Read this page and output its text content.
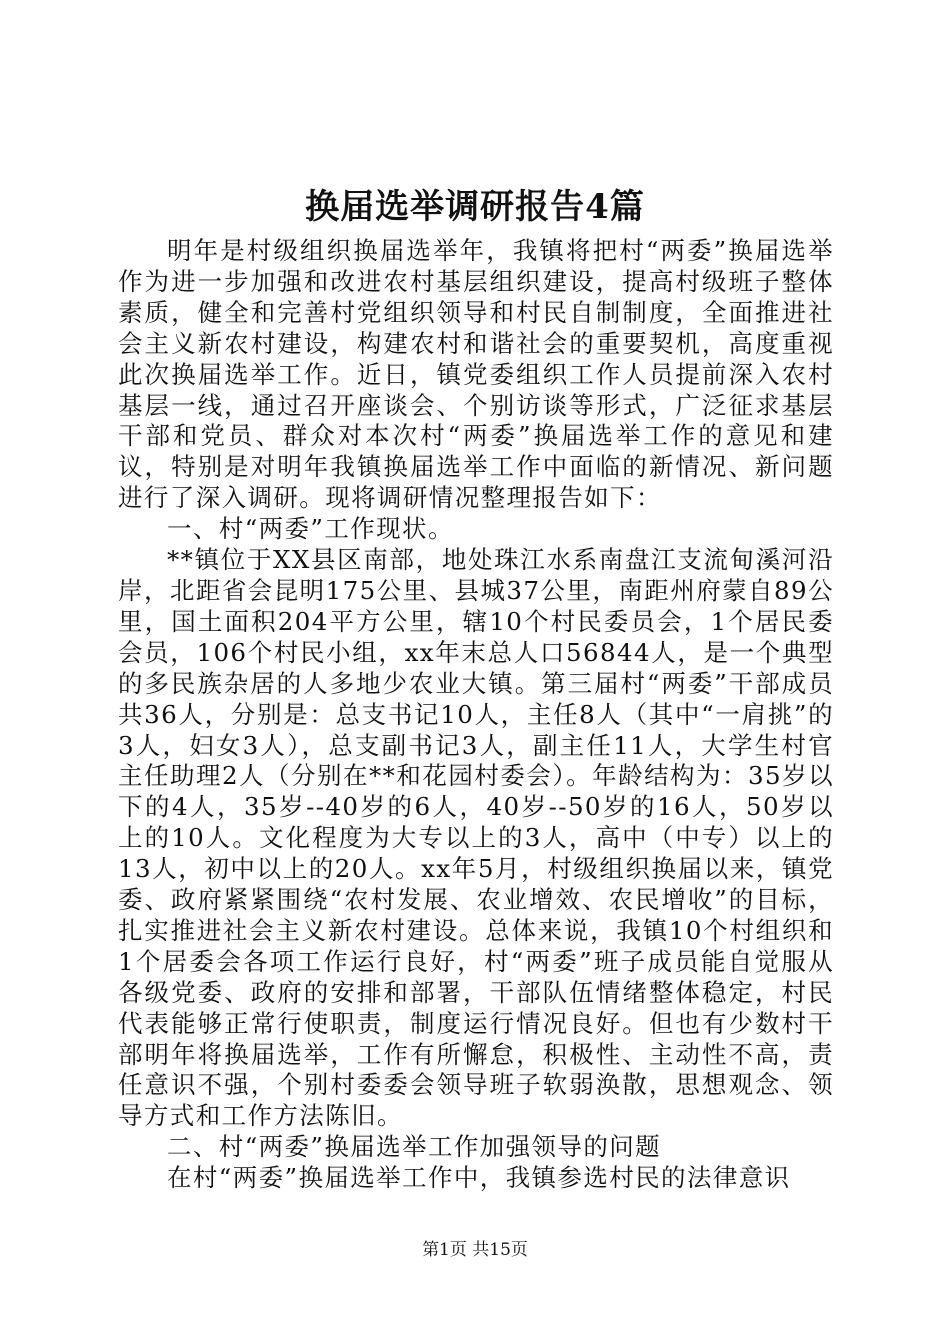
换届选举调研报告4篇

明年是村级组织换届选举年，我镇将把村“两委”换届选举作为进一步加强和改进农村基层组织建设，提高村级班子整体素质，健全和完善村党组织领导和村民自制制度，全面推进社会主义新农村建设，构建农村和谐社会的重要契机，高度重视此次换届选举工作。近日，镇党委组织工作人员提前深入农村基层一线，通过召开座谈会、个别访谈等形式，广泛征求基层干部和党员、群众对本次村“两委”换届选举工作的意见和建议，特别是对明年我镇换届选举工作中面临的新情况、新问题进行了深入调研。现将调研情况整理报告如下：

一、村“两委”工作现状。

**镇位于XX县区南部，地处珠江水系南盘江支流甸溪河沿岸，北距省会昆明175公里、县城37公里，南距州府蒙自89公里，国土面积204平方公里，辖10个村民委员会，1个居民委会员，106个村民小组，xx年末总人口56844人，是一个典型的多民族杂居的人多地少农业大镇。第三届村“两委”干部成员共36人，分别是：总支书记10人，主任8人（其中“一肩挑”的3人，妇女3人），总支副书记3人，副主任11人，大学生村官主任助理2人（分别在**和花园村委会）。年龄结构为：35岁以下的4人，35岁--40岁的6人，40岁--50岁的16人，50岁以上的10人。文化程度为大专以上的3人，高中（中专）以上的13人，初中以上的20人。xx年5月，村级组织换届以来，镇党委、政府紧紧围绕“农村发展、农业增效、农民增收”的目标，扎实推进社会主义新农村建设。总体来说，我镇10个村组织和1个居委会各项工作运行良好，村“两委”班子成员能自觉服从各级党委、政府的安排和部署，干部队伍情绪整体稳定，村民代表能够正常行使职责，制度运行情况良好。但也有少数村干部明年将换届选举，工作有所懈怠，积极性、主动性不高，责任意识不强，个别村委委会领导班子软弱涣散，思想观念、领导方式和工作方法陈旧。

二、村“两委”换届选举工作加强领导的问题

在村“两委”换届选举工作中，我镇参选村民的法律意识

第1页 共15页
